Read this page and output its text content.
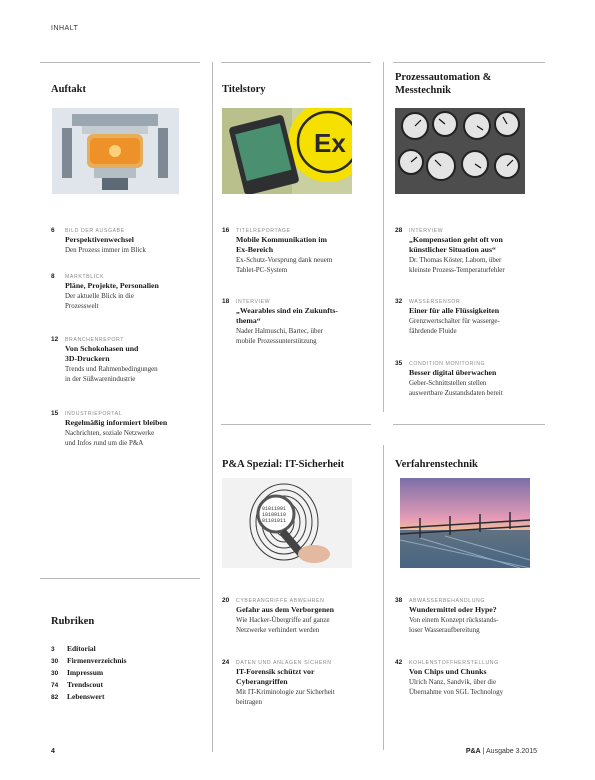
INHALT
Auftakt
6 BILD DER AUSGABE
Perspektivenwechsel
Den Prozess immer im Blick
8 MARKTBLICK
Pläne, Projekte, Personalien
Der aktuelle Blick in die
Prozesswelt
12 BRANCHENREPORT
Von Schokohasen und
3D-Druckern
Trends und Rahmenbedingungen
in der Süßwarenindustrie
15 INDUSTRIEPORTAL
Regelmäßig informiert bleiben
Nachrichten, soziale Netzwerke
und Infos rund um die P&A
Rubriken
3 Editorial
30 Firmenverzeichnis
30 Impressum
74 Trendscout
82 Lebenswert
Titelstory
Ex
16 TITELREPORTAGE
Mobile Kommunikation im
Ex-Bereich
Ex-Schutz-Vorsprung dank neuem
Tablet-PC-System
18 INTERVIEW
„Wearables sind ein Zukunfts-
thema“
Nader Halmuschi, Bartec, über
mobile Prozessunterstützung
P&A Spezial: IT-Sicherheit
01011001
10100110
01101011
20 CYBERANGRIFFE ABWEHREN
Gefahr aus dem Verborgenen
Wie Hacker-Übergriffe auf ganze
Netzwerke verhindert werden
24 DATEN UND ANLAGEN SICHERN
IT-Forensik schützt vor
Cyberangriffen
Mit IT-Kriminologie zur Sicherheit
beitragen
Prozessautomation &
Messtechnik
28 INTERVIEW
„Kompensation geht oft von
künstlicher Situation aus“
Dr. Thomas Köster, Labom, über
kleinste Prozess-Temperaturfehler
32 WASSERSENSOR
Einer für alle Flüssigkeiten
Grenzwertschalter für wasserge-
fährdende Fluide
35 CONDITION MONITORING
Besser digital überwachen
Geber-Schnittstellen stellen
auswertbare Zustandsdaten bereit
Verfahrenstechnik
38 ABWASSERBEHANDLUNG
Wundermittel oder Hype?
Von einem Konzept rückstands-
loser Wasseraufbereitung
42 KOHLENSTOFFHERSTELLUNG
Von Chips und Chunks
Ulrich Nanz, Sandvik, über die
Übernahme von SGL Technology
4	P&A | Ausgabe 3.2015
